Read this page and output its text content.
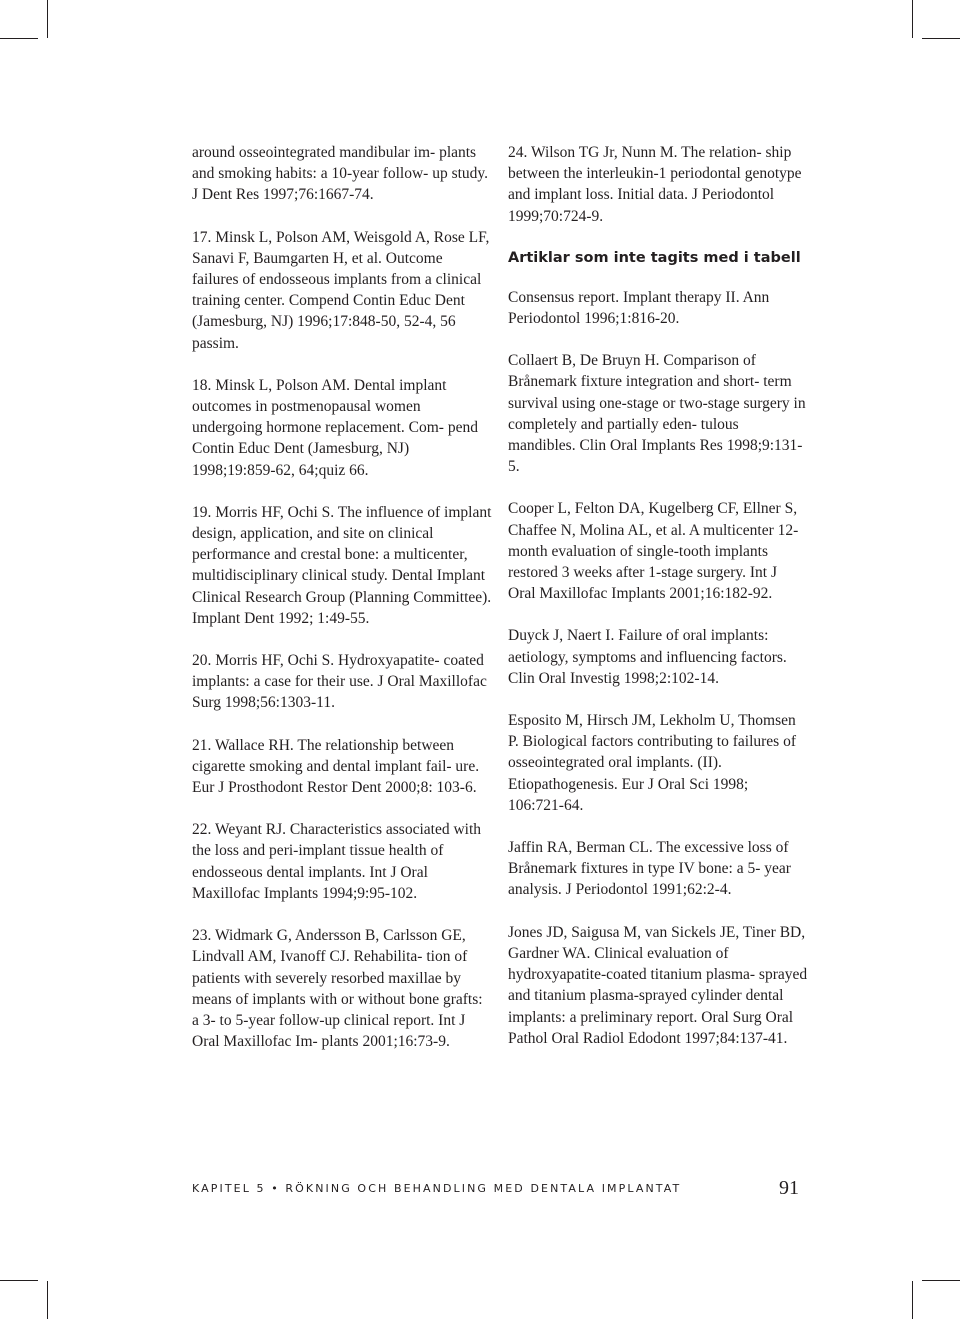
around osseointegrated mandibular im- plants and smoking habits: a 10-year follow- up study. J Dent Res 1997;76:1667-74.

17. Minsk L, Polson AM, Weisgold A, Rose LF, Sanavi F, Baumgarten H, et al. Outcome failures of endosseous implants from a clinical training center. Compend Contin Educ Dent (Jamesburg, NJ) 1996;17:848-50, 52-4, 56 passim.

18. Minsk L, Polson AM. Dental implant outcomes in postmenopausal women undergoing hormone replacement. Com- pend Contin Educ Dent (Jamesburg, NJ) 1998;19:859-62, 64;quiz 66.

19. Morris HF, Ochi S. The influence of implant design, application, and site on clinical performance and crestal bone: a multicenter, multidisciplinary clinical study. Dental Implant Clinical Research Group (Planning Committee). Implant Dent 1992; 1:49-55.

20. Morris HF, Ochi S. Hydroxyapatite- coated implants: a case for their use. J Oral Maxillofac Surg 1998;56:1303-11.

21. Wallace RH. The relationship between cigarette smoking and dental implant fail- ure. Eur J Prosthodont Restor Dent 2000;8: 103-6.

22. Weyant RJ. Characteristics associated with the loss and peri-implant tissue health of endosseous dental implants. Int J Oral Maxillofac Implants 1994;9:95-102.

23. Widmark G, Andersson B, Carlsson GE, Lindvall AM, Ivanoff CJ. Rehabilita- tion of patients with severely resorbed maxillae by means of implants with or without bone grafts: a 3- to 5-year follow-up clinical report. Int J Oral Maxillofac Im- plants 2001;16:73-9.

24. Wilson TG Jr, Nunn M. The relation- ship between the interleukin-1 periodontal genotype and implant loss. Initial data. J Periodontol 1999;70:724-9.

Artiklar som inte tagits med i tabell

Consensus report. Implant therapy II. Ann Periodontol 1996;1:816-20.

Collaert B, De Bruyn H. Comparison of Brånemark fixture integration and short- term survival using one-stage or two-stage surgery in completely and partially eden- tulous mandibles. Clin Oral Implants Res 1998;9:131-5.

Cooper L, Felton DA, Kugelberg CF, Ellner S, Chaffee N, Molina AL, et al. A multicenter 12-month evaluation of single-tooth implants restored 3 weeks after 1-stage surgery. Int J Oral Maxillofac Implants 2001;16:182-92.

Duyck J, Naert I. Failure of oral implants: aetiology, symptoms and influencing factors. Clin Oral Investig 1998;2:102-14.

Esposito M, Hirsch JM, Lekholm U, Thomsen P. Biological factors contributing to failures of osseointegrated oral implants. (II). Etiopathogenesis. Eur J Oral Sci 1998; 106:721-64.

Jaffin RA, Berman CL. The excessive loss of Brånemark fixtures in type IV bone: a 5- year analysis. J Periodontol 1991;62:2-4.

Jones JD, Saigusa M, van Sickels JE, Tiner BD, Gardner WA. Clinical evaluation of hydroxyapatite-coated titanium plasma- sprayed and titanium plasma-sprayed cylinder dental implants: a preliminary report. Oral Surg Oral Pathol Oral Radiol Edodont 1997;84:137-41.

KAPITEL 5 • RÖKNING OCH BEHANDLING MED DENTALA IMPLANTAT	91
